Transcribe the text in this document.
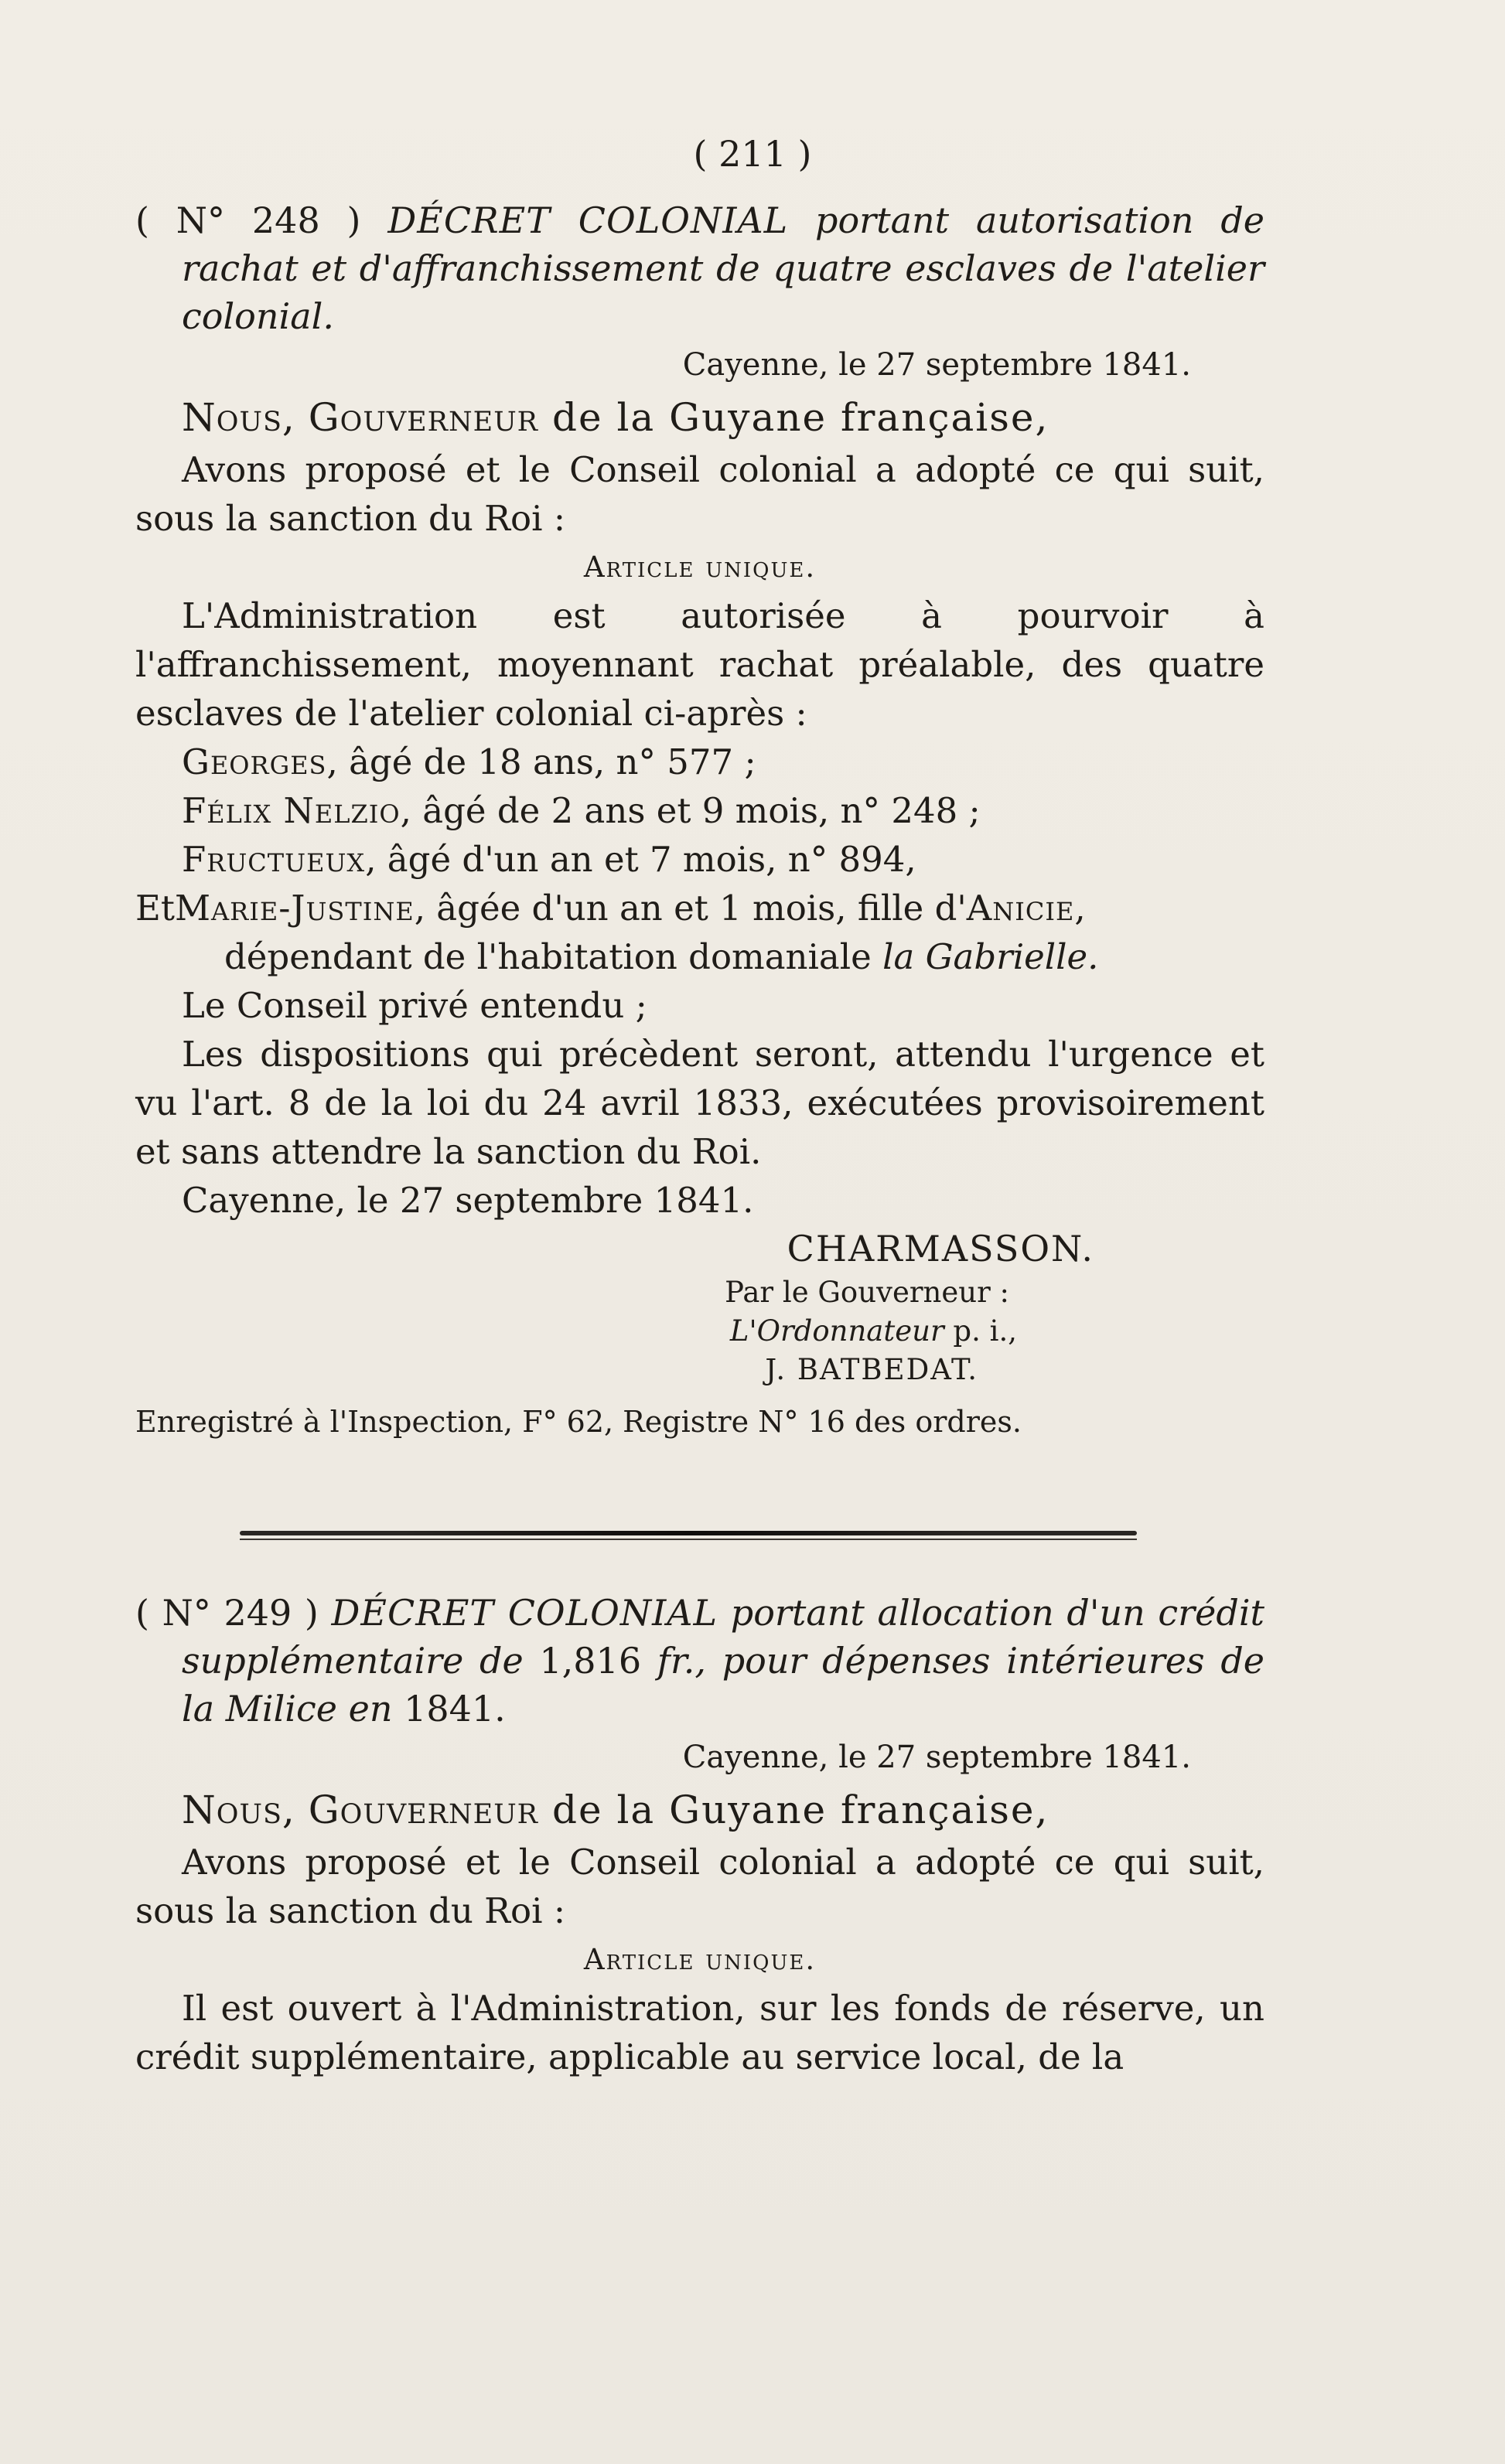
( 211 )
( N° 248 ) DÉCRET COLONIAL portant autorisation de rachat et d'affranchissement de quatre esclaves de l'atelier colonial.
Cayenne, le 27 septembre 1841.
Nous, Gouverneur de la Guyane française,
Avons proposé et le Conseil colonial a adopté ce qui suit, sous la sanction du Roi :
Article unique.
L'Administration est autorisée à pourvoir à l'affranchissement, moyennant rachat préalable, des quatre esclaves de l'atelier colonial ci-après :
Georges, âgé de 18 ans, n° 577 ;
Félix Nelzio, âgé de 2 ans et 9 mois, n° 248 ;
Fructueux, âgé d'un an et 7 mois, n° 894,
EtMarie-Justine, âgée d'un an et 1 mois, fille d'Anicie, dépendant de l'habitation domaniale la Gabrielle.
Le Conseil privé entendu ;
Les dispositions qui précèdent seront, attendu l'urgence et vu l'art. 8 de la loi du 24 avril 1833, exécutées provisoirement et sans attendre la sanction du Roi.
Cayenne, le 27 septembre 1841.
CHARMASSON.
Par le Gouverneur :
L'Ordonnateur p. i.,
J. BATBEDAT.
Enregistré à l'Inspection, F° 62, Registre N° 16 des ordres.
( N° 249 ) DÉCRET COLONIAL portant allocation d'un crédit supplémentaire de 1,816 fr., pour dépenses intérieures de la Milice en 1841.
Cayenne, le 27 septembre 1841.
Nous, Gouverneur de la Guyane française,
Avons proposé et le Conseil colonial a adopté ce qui suit, sous la sanction du Roi :
Article unique.
Il est ouvert à l'Administration, sur les fonds de réserve, un crédit supplémentaire, applicable au service local, de la
